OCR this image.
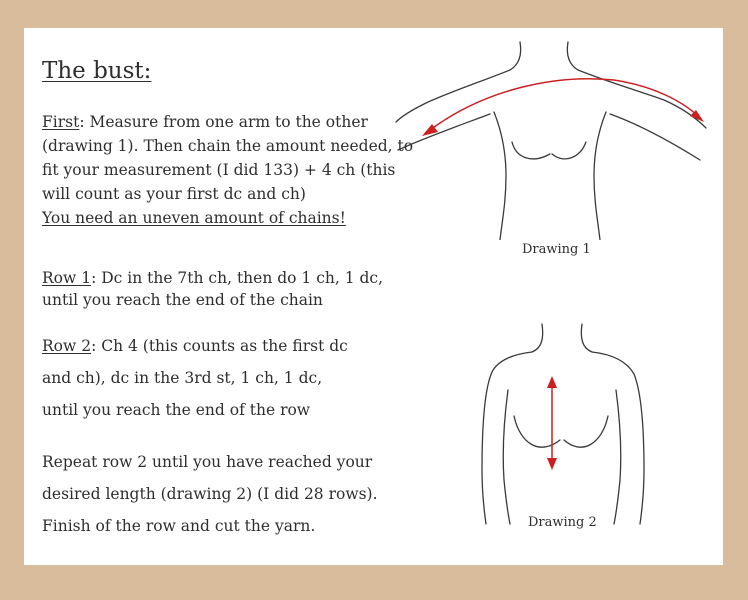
The bust:

First: Measure from one arm to the other (drawing 1). Then chain the amount needed, to fit your measurement (I did 133) + 4 ch (this will count as your first dc and ch)
You need an uneven amount of chains!

Row 1: Dc in the 7th ch, then do 1 ch, 1 dc, until you reach the end of the chain

Row 2: Ch 4 (this counts as the first dc and ch), dc in the 3rd st, 1 ch, 1 dc, until you reach the end of the row

Repeat row 2 until you have reached your desired length (drawing 2) (I did 28 rows). Finish of the row and cut the yarn.

Drawing 1

Drawing 2
